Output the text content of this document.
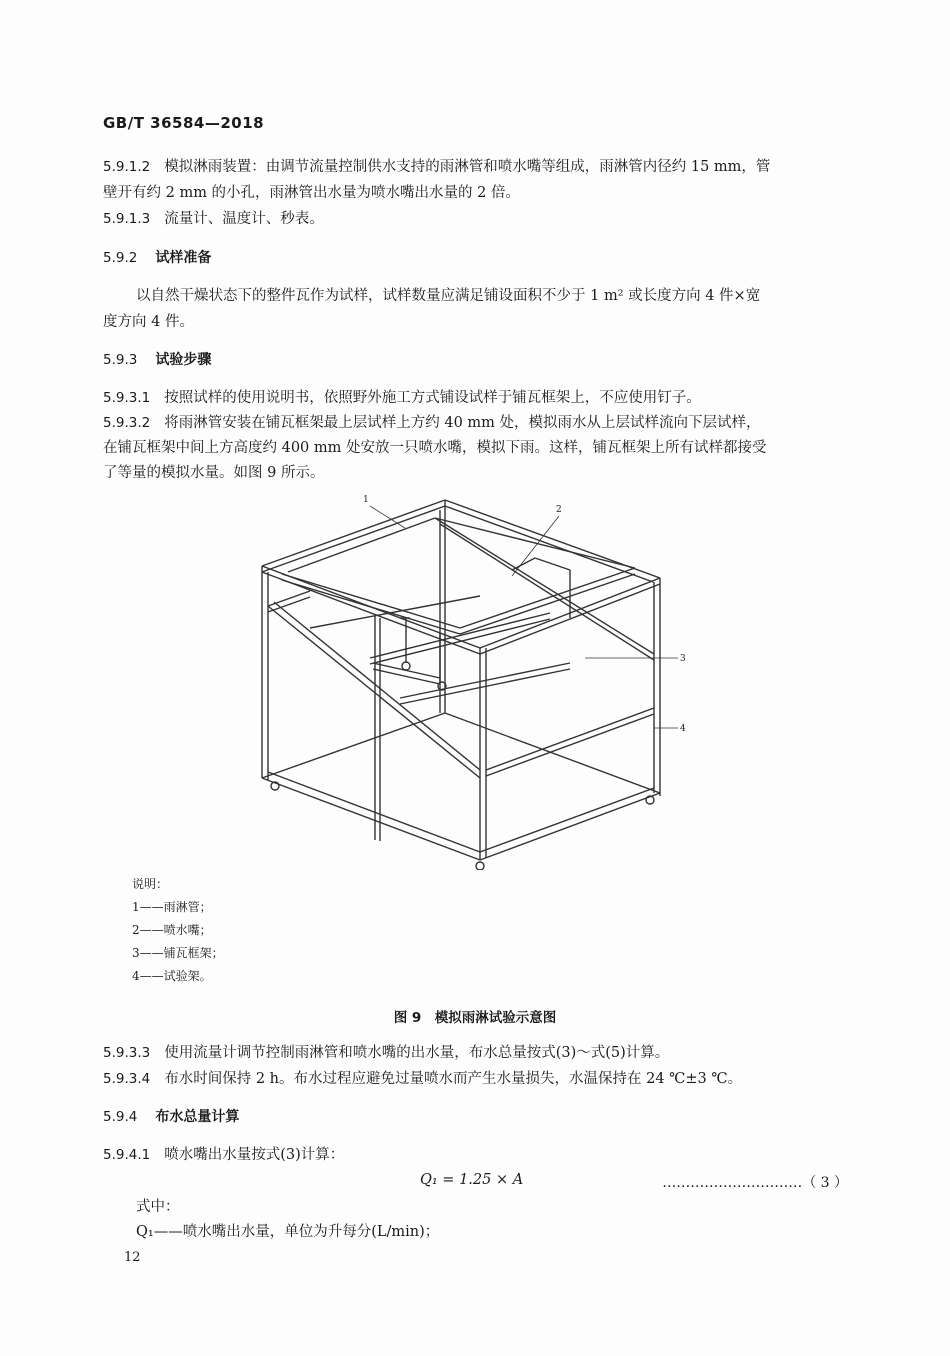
GB/T 36584—2018
5.9.1.2 模拟淋雨装置：由调节流量控制供水支持的雨淋管和喷水嘴等组成，雨淋管内径约 15 mm，管
壁开有约 2 mm 的小孔，雨淋管出水量为喷水嘴出水量的 2 倍。
5.9.1.3 流量计、温度计、秒表。
5.9.2 试样准备
以自然干燥状态下的整件瓦作为试样，试样数量应满足铺设面积不少于 1 m² 或长度方向 4 件×宽
度方向 4 件。
5.9.3 试验步骤
5.9.3.1 按照试样的使用说明书，依照野外施工方式铺设试样于铺瓦框架上，不应使用钉子。
5.9.3.2 将雨淋管安装在铺瓦框架最上层试样上方约 40 mm 处，模拟雨水从上层试样流向下层试样，
在铺瓦框架中间上方高度约 400 mm 处安放一只喷水嘴，模拟下雨。这样，铺瓦框架上所有试样都接受
了等量的模拟水量。如图 9 所示。
1
2
3
4
说明：
1——雨淋管；
2——喷水嘴；
3——铺瓦框架；
4——试验架。
图 9　模拟雨淋试验示意图
5.9.3.3 使用流量计调节控制雨淋管和喷水嘴的出水量，布水总量按式(3)～式(5)计算。
5.9.3.4 布水时间保持 2 h。布水过程应避免过量喷水而产生水量损失，水温保持在 24 ℃±3 ℃。
5.9.4 布水总量计算
5.9.4.1 喷水嘴出水量按式(3)计算：
Q₁ = 1.25 × A	…………………………（ 3 ）
式中：
Q₁——喷水嘴出水量，单位为升每分(L/min)；
12
